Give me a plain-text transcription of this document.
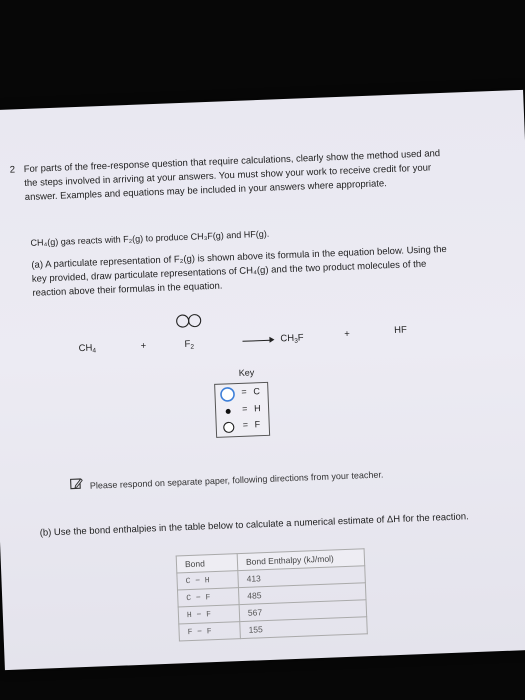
2 For parts of the free-response question that require calculations, clearly show the method used and the steps involved in arriving at your answers. You must show your work to receive credit for your answer. Examples and equations may be included in your answers where appropriate.
CH₄(g) gas reacts with F₂(g) to produce CH₃F(g) and HF(g).
(a) A particulate representation of F₂(g) is shown above its formula in the equation below. Using the key provided, draw particulate representations of CH₄(g) and the two product molecules of the reaction above their formulas in the equation.
$CH_4$	+	$F_2$
$CH_3F$	+	HF
Key
= C
= H
= F
Please respond on separate paper, following directions from your teacher.
(b) Use the bond enthalpies in the table below to calculate a numerical estimate of ΔH for the reaction.
Bond	Bond Enthalpy (kJ/mol)
C − H	413
C − F	485
H − F	567
F − F	155
